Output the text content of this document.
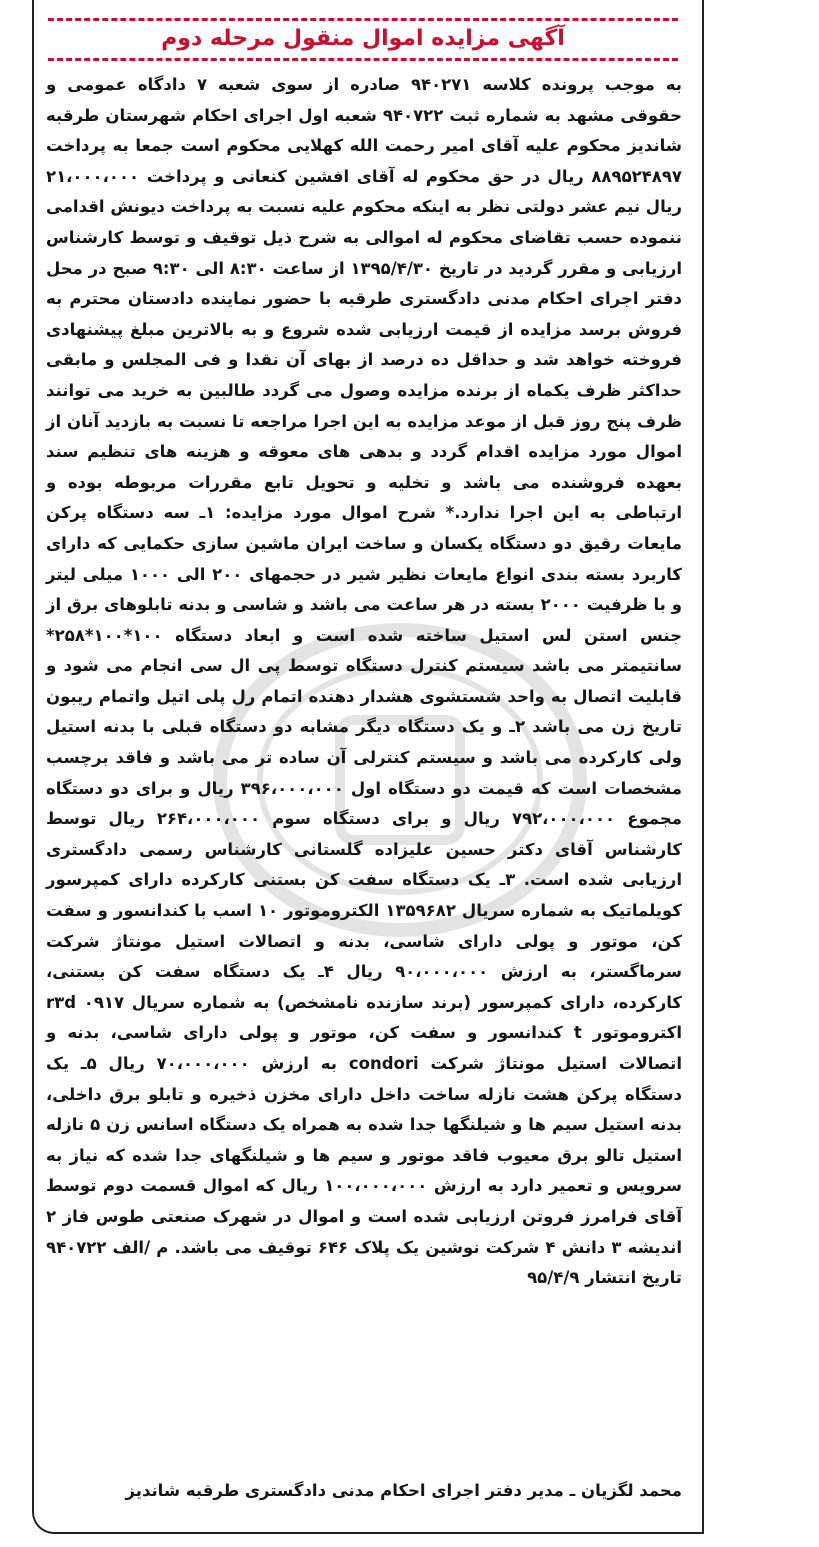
آگهی مزایده اموال منقول مرحله دوم

به موجب پرونده کلاسه ۹۴۰۲۷۱ صادره از سوی شعبه ۷ دادگاه عمومی و حقوقی مشهد به شماره ثبت ۹۴۰۷۲۲ شعبه اول اجرای احکام شهرستان طرقبه شاندیز محکوم علیه آقای امیر رحمت الله کهلایی محکوم است جمعا به پرداخت ۸۸۹۵۲۴۸۹۷ ریال در حق محکوم له آقای افشین کنعانی و پرداخت ۲۱،۰۰۰،۰۰۰ ریال نیم عشر دولتی نظر به اینکه محکوم علیه نسبت به پرداخت دیونش اقدامی ننموده حسب تقاضای محکوم له اموالی به شرح ذیل توقیف و توسط کارشناس ارزیابی و مقرر گردید در تاریخ ۱۳۹۵/۴/۳۰ از ساعت ۸:۳۰ الی ۹:۳۰ صبح در محل دفتر اجرای احکام مدنی دادگستری طرقبه با حضور نماینده دادستان محترم به فروش برسد مزایده از قیمت ارزیابی شده شروع و به بالاترین مبلغ پیشنهادی فروخته خواهد شد و حداقل ده درصد از بهای آن نقدا و فی المجلس و مابقی حداکثر ظرف یکماه از برنده مزایده وصول می گردد طالبین به خرید می توانند ظرف پنج روز قبل از موعد مزایده به این اجرا مراجعه تا نسبت به بازدید آنان از اموال مورد مزایده اقدام گردد و بدهی های معوقه و هزینه های تنظیم سند بعهده فروشنده می باشد و تخلیه و تحویل تابع مقررات مربوطه بوده و ارتباطی به این اجرا ندارد.* شرح اموال مورد مزایده: ۱ـ سه دستگاه پرکن مایعات رقیق دو دستگاه یکسان و ساخت ایران ماشین سازی حکمایی که دارای کاربرد بسته بندی انواع مایعات نظیر شیر در حجمهای ۲۰۰ الی ۱۰۰۰ میلی لیتر و با ظرفیت ۲۰۰۰ بسته در هر ساعت می باشد و شاسی و بدنه تابلوهای برق از جنس استن لس استیل ساخته شده است و ابعاد دستگاه ۱۰۰*۱۰۰*۲۵۸* سانتیمتر می باشد سیستم کنترل دستگاه توسط پی ال سی انجام می شود و قابلیت اتصال به واحد شستشوی هشدار دهنده اتمام رل پلی اتیل واتمام ریبون تاریخ زن می باشد ۲ـ و یک دستگاه دیگر مشابه دو دستگاه قبلی با بدنه استیل ولی کارکرده می باشد و سیستم کنترلی آن ساده تر می باشد و فاقد برچسب مشخصات است که قیمت دو دستگاه اول ۳۹۶،۰۰۰،۰۰۰ ریال و برای دو دستگاه مجموع ۷۹۲،۰۰۰،۰۰۰ ریال و برای دستگاه سوم ۲۶۴،۰۰۰،۰۰۰ ریال توسط کارشناس آقای دکتر حسین علیزاده گلستانی کارشناس رسمی دادگستری ارزیابی شده است. ۳ـ یک دستگاه سفت کن بستنی کارکرده دارای کمپرسور کویلماتیک به شماره سریال ۱۳۵۹۶۸۲ الکتروموتور ۱۰ اسب با کندانسور و سفت کن، موتور و پولی دارای شاسی، بدنه و اتصالات استیل مونتاژ شرکت سرماگستر، به ارزش ۹۰،۰۰۰،۰۰۰ ریال ۴ـ یک دستگاه سفت کن بستنی، کارکرده، دارای کمپرسور (برند سازنده نامشخص) به شماره سریال ۰۹۱۷ r۳d اکتروموتور t کندانسور و سفت کن، موتور و پولی دارای شاسی، بدنه و اتصالات استیل مونتاژ شرکت condori به ارزش ۷۰،۰۰۰،۰۰۰ ریال ۵ـ یک دستگاه پرکن هشت نازله ساخت داخل دارای مخزن ذخیره و تابلو برق داخلی، بدنه استیل سیم ها و شیلنگها جدا شده به همراه یک دستگاه اسانس زن ۵ نازله استیل تالو برق معیوب فاقد موتور و سیم ها و شیلنگهای جدا شده که نیاز به سرویس و تعمیر دارد به ارزش ۱۰۰،۰۰۰،۰۰۰ ریال که اموال قسمت دوم توسط آقای فرامرز فروتن ارزیابی شده است و اموال در شهرک صنعتی طوس فاز ۲ اندیشه ۳ دانش ۴ شرکت نوشین یک پلاک ۶۴۶ توقیف می باشد. م /الف ۹۴۰۷۲۲ تاریخ انتشار ۹۵/۴/۹

محمد لگزیان ـ مدیر دفتر اجرای احکام مدنی دادگستری طرقبه شاندیز
